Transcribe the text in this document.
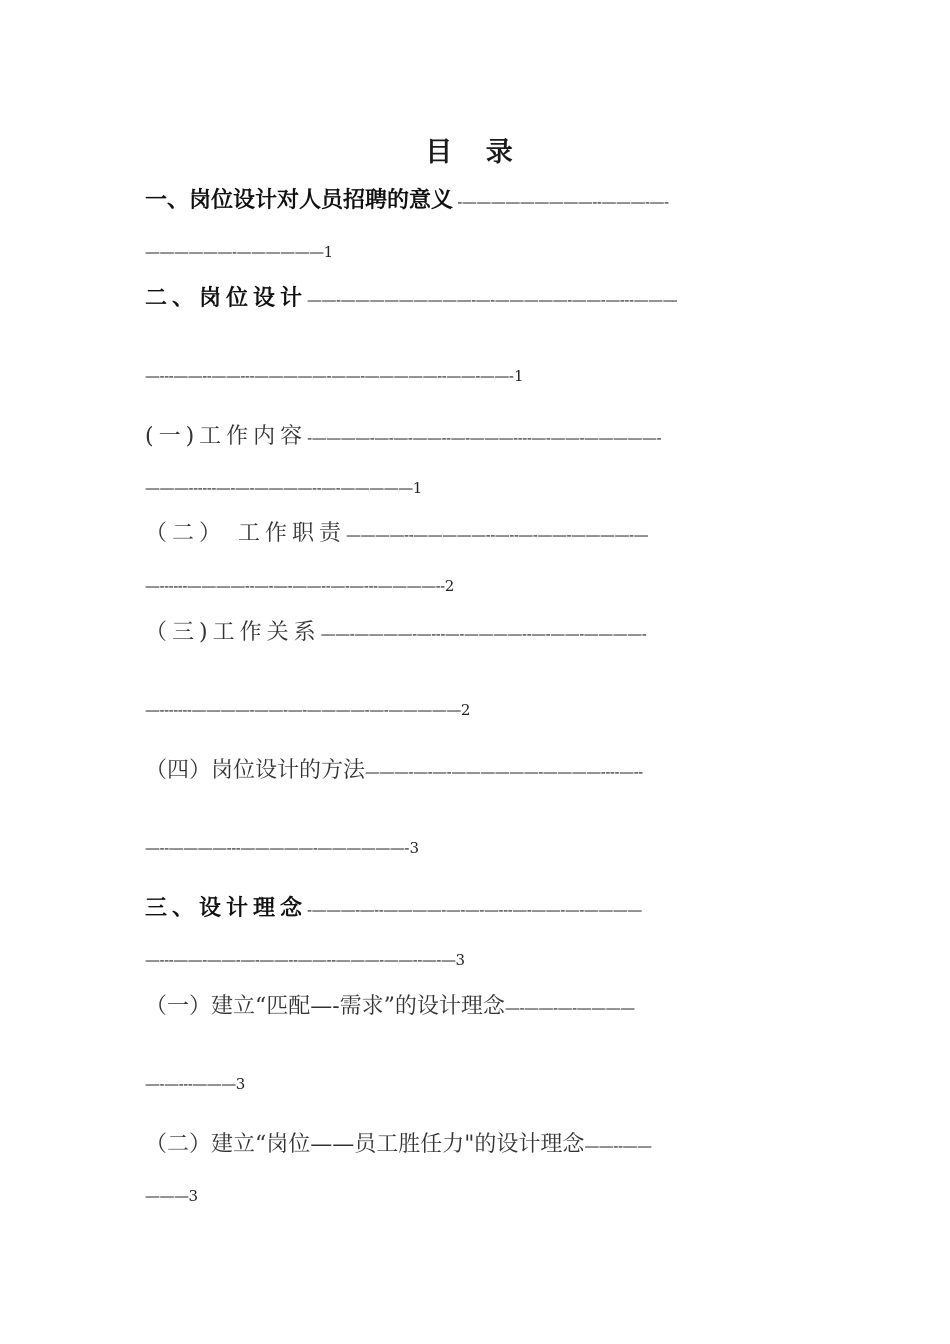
目 录
一、岗位设计对人员招聘的意义 -—————————--———-—-
——————-——————1
二、岗位设计——-—————————-—-—————-——-—---———
—---——--——---—————-——-—————--——-——-1
(一)工作内容-————-—-—-——--—-———----—-——-—————-
———------—-—-————--—-—————1
（二） 工作职责————--—————--—--—-——-————-—
—------————--—-—-——--—-—---————--2
（三)工作关系——-————-—---—-————--—-——-————-
—-------————-——-—-————-—-—————2
（四）岗位设计的方法———-—-—-——————-————----—--
—--————---—————-——————-3
三、设计理念-———-—--————-—-—-—---—-——-—-————
—---——-——-—-——--——--———-——--—-—3
（一）建立“匹配—-需求”的设计理念—-——-—-————
—-—---———3
（二）建立“岗位——员工胜任力"的设计理念——--——
———3
